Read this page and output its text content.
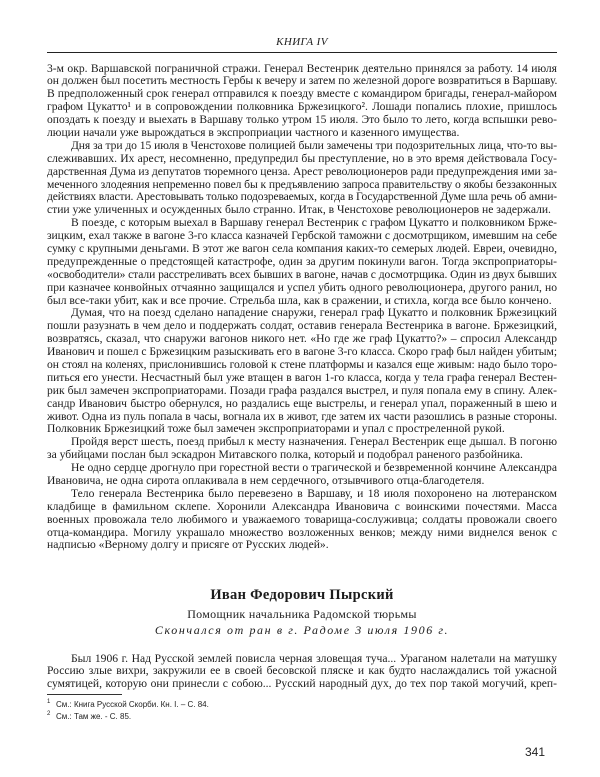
КНИГА IV
3-м окр. Варшавской пограничной стражи. Генерал Вестенрик деятельно принялся за работу. 14 июля
он должен был посетить местность Гербы к вечеру и затем по железной дороге возвратиться в Варшаву.
В предположенный срок генерал отправился к поезду вместе с командиром бригады, генерал-майором
графом Цукатто¹ и в сопровождении полковника Бржезицкого². Лошади попались плохие, пришлось
опоздать к поезду и выехать в Варшаву только утром 15 июля. Это было то лето, когда вспышки рево-
люции начали уже вырождаться в экспроприации частного и казенного имущества.
Дня за три до 15 июля в Ченстохове полицией были замечены три подозрительных лица, что-то вы-
слеживавших. Их арест, несомненно, предупредил бы преступление, но в это время действовала Госу-
дарственная Дума из депутатов тюремного ценза. Арест революционеров ради предупреждения ими за-
меченного злодеяния непременно повел бы к предъявлению запроса правительству о якобы беззаконных
действиях власти. Арестовывать только подозреваемых, когда в Государственной Думе шла речь об амни-
стии уже уличенных и осужденных было странно. Итак, в Ченстохове революционеров не задержали.
В поезде, с которым выехал в Варшаву генерал Вестенрик с графом Цукатто и полковником Брже-
зицким, ехал также в вагоне 3-го класса казначей Гербской таможни с досмотрщиком, имевшим на себе
сумку с крупными деньгами. В этот же вагон села компания каких-то семерых людей. Евреи, очевидно,
предупрежденные о предстоящей катастрофе, один за другим покинули вагон. Тогда экспроприаторы-
«освободители» стали расстреливать всех бывших в вагоне, начав с досмотрщика. Один из двух бывших
при казначее конвойных отчаянно защищался и успел убить одного революционера, другого ранил, но
был все-таки убит, как и все прочие. Стрельба шла, как в сражении, и стихла, когда все было кончено.
Думая, что на поезд сделано нападение снаружи, генерал граф Цукатто и полковник Бржезицкий
пошли разузнать в чем дело и поддержать солдат, оставив генерала Вестенрика в вагоне. Бржезицкий,
возвратясь, сказал, что снаружи вагонов никого нет. «Но где же граф Цукатто?» – спросил Александр
Иванович и пошел с Бржезицким разыскивать его в вагоне 3-го класса. Скоро граф был найден убитым;
он стоял на коленях, прислонившись головой к стене платформы и казался еще живым: надо было торо-
питься его унести. Несчастный был уже втащен в вагон 1-го класса, когда у тела графа генерал Вестен-
рик был замечен экспроприаторами. Позади графа раздался выстрел, и пуля попала ему в спину. Алек-
сандр Иванович быстро обернулся, но раздались еще выстрелы, и генерал упал, пораженный в шею и
живот. Одна из пуль попала в часы, вогнала их в живот, где затем их части разошлись в разные стороны.
Полковник Бржезицкий тоже был замечен экспроприаторами и упал с простреленной рукой.
Пройдя верст шесть, поезд прибыл к месту назначения. Генерал Вестенрик еще дышал. В погоню
за убийцами послан был эскадрон Митавского полка, который и подобрал раненого разбойника.
Не одно сердце дрогнуло при горестной вести о трагической и безвременной кончине Александра
Ивановича, не одна сирота оплакивала в нем сердечного, отзывчивого отца-благодетеля.
Тело генерала Вестенрика было перевезено в Варшаву, и 18 июля похоронено на лютеранском
кладбище в фамильном склепе. Хоронили Александра Ивановича с воинскими почестями. Масса
военных провожала тело любимого и уважаемого товарища-сослуживца; солдаты провожали своего
отца-командира. Могилу украшало множество возложенных венков; между ними виднелся венок с
надписью «Верному долгу и присяге от Русских людей».
Иван Федорович Пырский
Помощник начальника Радомской тюрьмы
Скончался от ран в г. Радоме 3 июля 1906 г.
Был 1906 г. Над Русской землей повисла черная зловещая туча... Ураганом налетали на матушку
Россию злые вихри, закружили ее в своей бесовской пляске и как будто наслаждались той ужасной
сумятицей, которую они принесли с собою... Русский народный дух, до тех пор такой могучий, креп-
1 См.: Книга Русской Скорби. Кн. I. – С. 84.
2 См.: Там же. - С. 85.
341
